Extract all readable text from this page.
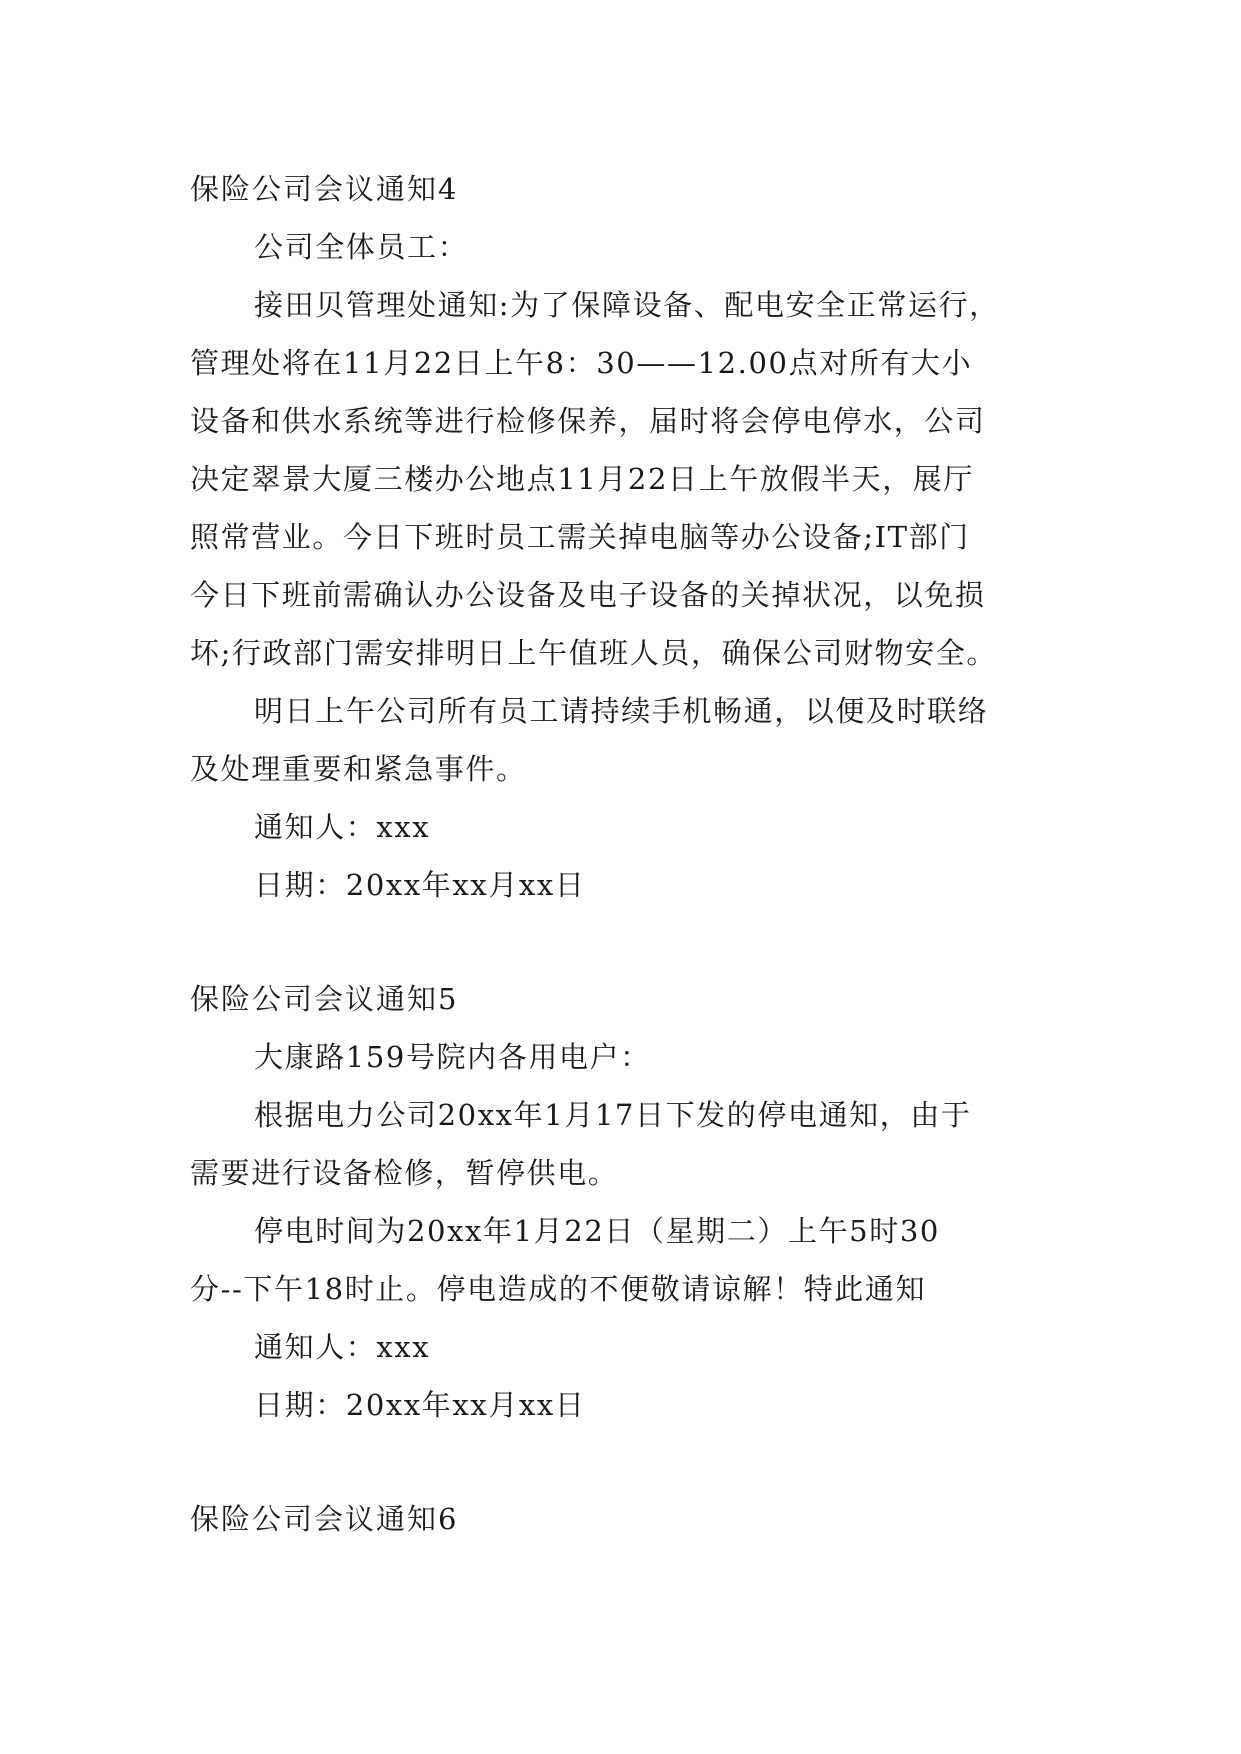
保险公司会议通知4

公司全体员工：

接田贝管理处通知:为了保障设备、配电安全正常运行，

管理处将在11月22日上午8：30——12.00点对所有大小

设备和供水系统等进行检修保养，届时将会停电停水，公司

决定翠景大厦三楼办公地点11月22日上午放假半天，展厅

照常营业。今日下班时员工需关掉电脑等办公设备;IT部门

今日下班前需确认办公设备及电子设备的关掉状况，以免损

坏;行政部门需安排明日上午值班人员，确保公司财物安全。

明日上午公司所有员工请持续手机畅通，以便及时联络

及处理重要和紧急事件。

通知人：xxx

日期：20xx年xx月xx日

保险公司会议通知5

大康路159号院内各用电户：

根据电力公司20xx年1月17日下发的停电通知，由于

需要进行设备检修，暂停供电。

停电时间为20xx年1月22日（星期二）上午5时30

分--下午18时止。停电造成的不便敬请谅解！特此通知

通知人：xxx

日期：20xx年xx月xx日

保险公司会议通知6
